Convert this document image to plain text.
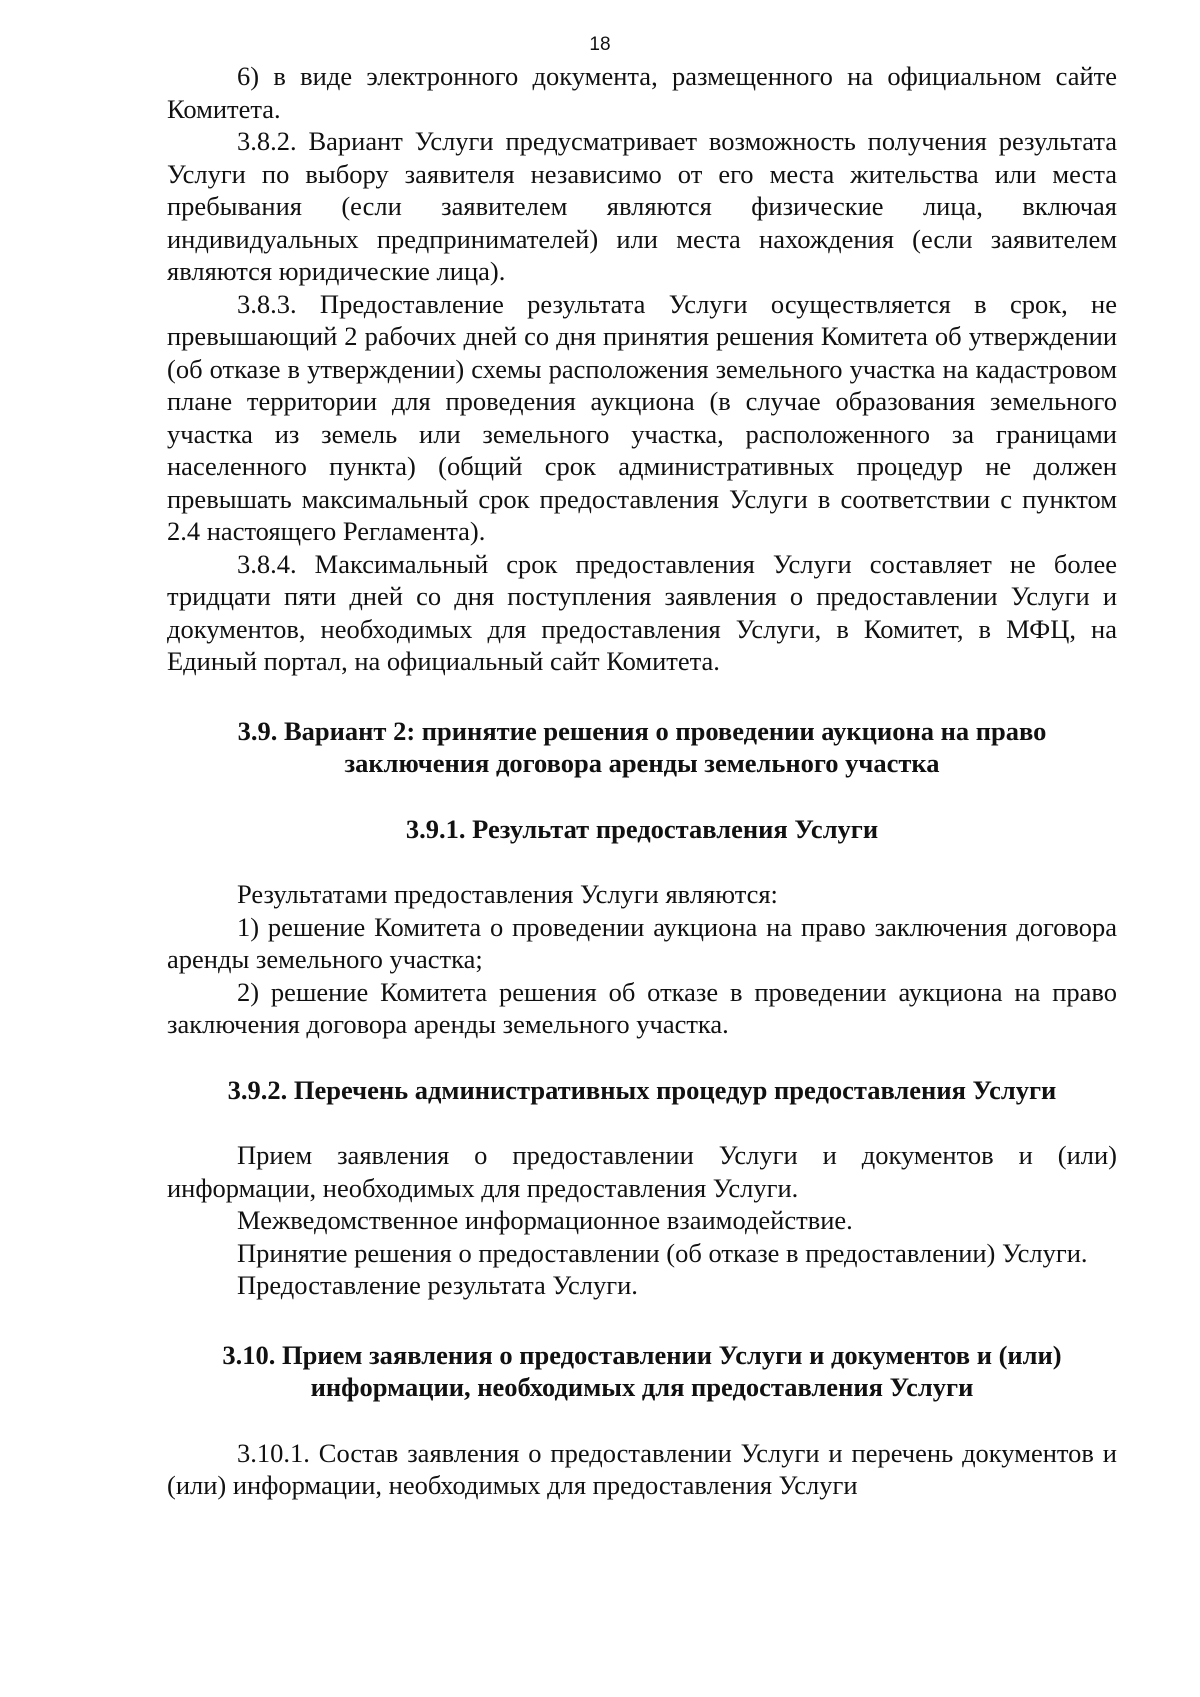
18

6) в виде электронного документа, размещенного на официальном сайте Комитета.

3.8.2. Вариант Услуги предусматривает возможность получения результата Услуги по выбору заявителя независимо от его места жительства или места пребывания (если заявителем являются физические лица, включая индивидуальных предпринимателей) или места нахождения (если заявителем являются юридические лица).

3.8.3. Предоставление результата Услуги осуществляется в срок, не превышающий 2 рабочих дней со дня принятия решения Комитета об утверждении (об отказе в утверждении) схемы расположения земельного участка на кадастровом плане территории для проведения аукциона (в случае образования земельного участка из земель или земельного участка, расположенного за границами населенного пункта) (общий срок административных процедур не должен превышать максимальный срок предоставления Услуги в соответствии с пунктом 2.4 настоящего Регламента).

3.8.4. Максимальный срок предоставления Услуги составляет не более тридцати пяти дней со дня поступления заявления о предоставлении Услуги и документов, необходимых для предоставления Услуги, в Комитет, в МФЦ, на Единый портал, на официальный сайт Комитета.

3.9. Вариант 2: принятие решения о проведении аукциона на право заключения договора аренды земельного участка
3.9.1. Результат предоставления Услуги

Результатами предоставления Услуги являются:

1) решение Комитета о проведении аукциона на право заключения договора аренды земельного участка;

2) решение Комитета решения об отказе в проведении аукциона на право заключения договора аренды земельного участка.

3.9.2. Перечень административных процедур предоставления Услуги

Прием заявления о предоставлении Услуги и документов и (или) информации, необходимых для предоставления Услуги.

Межведомственное информационное взаимодействие.

Принятие решения о предоставлении (об отказе в предоставлении) Услуги.

Предоставление результата Услуги.

3.10. Прием заявления о предоставлении Услуги и документов и (или) информации, необходимых для предоставления Услуги

3.10.1. Состав заявления о предоставлении Услуги и перечень документов и (или) информации, необходимых для предоставления Услуги
